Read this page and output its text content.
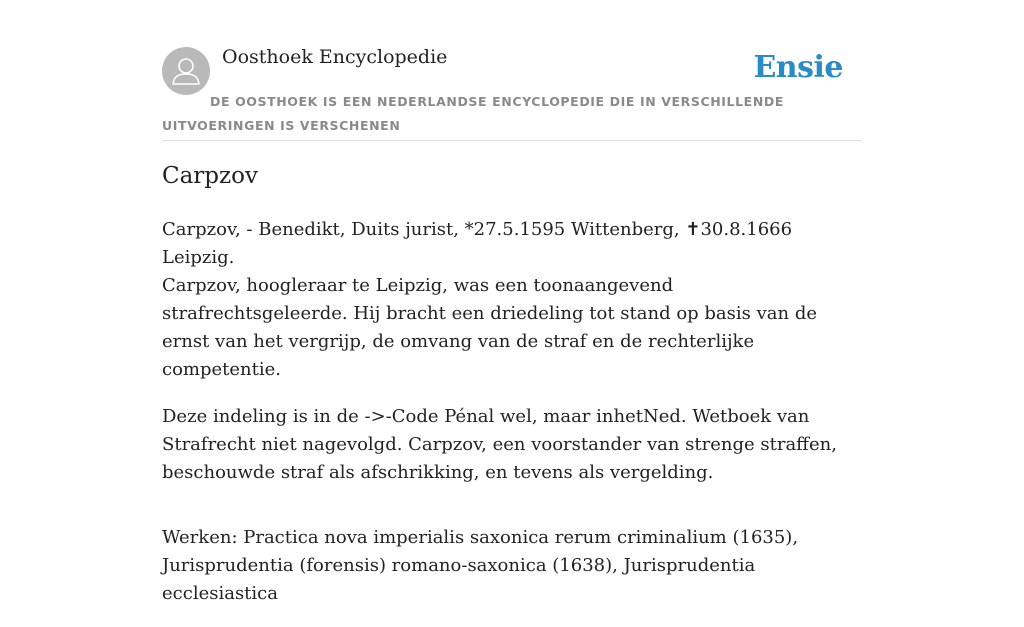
Oosthoek Encyclopedie	Ensie
DE OOSTHOEK IS EEN NEDERLANDSE ENCYCLOPEDIE DIE IN VERSCHILLENDE UITVOERINGEN IS VERSCHENEN
Carpzov

Carpzov, - Benedikt, Duits jurist, *27.5.1595 Wittenberg, ✝30.8.1666 Leipzig.
Carpzov, hoogleraar te Leipzig, was een toonaangevend strafrechtsgeleerde. Hij bracht een driedeling tot stand op basis van de ernst van het vergrijp, de omvang van de straf en de rechterlijke competentie.

Deze indeling is in de ->-Code Pénal wel, maar inhetNed. Wetboek van Strafrecht niet nagevolgd. Carpzov, een voorstander van strenge straffen, beschouwde straf als afschrikking, en tevens als vergelding.

Werken: Practica nova imperialis saxonica rerum criminalium (1635), Jurisprudentia (forensis) romano-saxonica (1638), Jurisprudentia ecclesiastica
